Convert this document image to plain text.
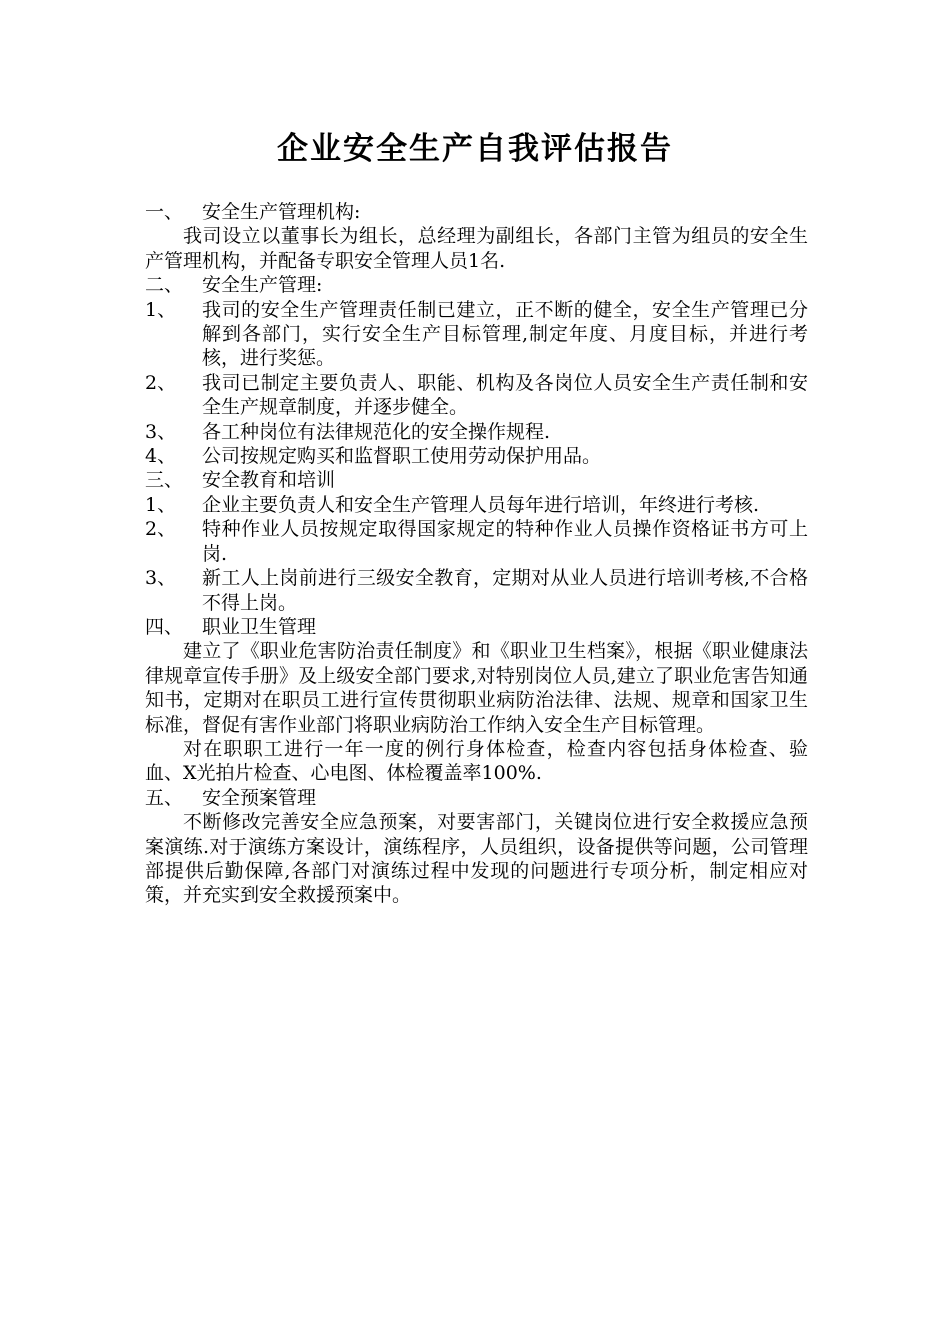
企业安全生产自我评估报告
一、 安全生产管理机构:
我司设立以董事长为组长，总经理为副组长，各部门主管为组员的安全生产管理机构，并配备专职安全管理人员1名.
二、 安全生产管理:
1、	我司的安全生产管理责任制已建立，正不断的健全，安全生产管理已分解到各部门，实行安全生产目标管理,制定年度、月度目标，并进行考核，进行奖惩。
2、	我司已制定主要负责人、职能、机构及各岗位人员安全生产责任制和安全生产规章制度，并逐步健全。
3、	各工种岗位有法律规范化的安全操作规程.
4、	公司按规定购买和监督职工使用劳动保护用品。
三、 安全教育和培训
1、	企业主要负责人和安全生产管理人员每年进行培训，年终进行考核.
2、	特种作业人员按规定取得国家规定的特种作业人员操作资格证书方可上岗.
3、	新工人上岗前进行三级安全教育，定期对从业人员进行培训考核,不合格不得上岗。
四、 职业卫生管理
建立了《职业危害防治责任制度》和《职业卫生档案》，根据《职业健康法律规章宣传手册》及上级安全部门要求,对特别岗位人员,建立了职业危害告知通知书，定期对在职员工进行宣传贯彻职业病防治法律、法规、规章和国家卫生标准，督促有害作业部门将职业病防治工作纳入安全生产目标管理。
对在职职工进行一年一度的例行身体检查，检查内容包括身体检查、验血、X光拍片检查、心电图、体检覆盖率100%.
五、 安全预案管理
不断修改完善安全应急预案，对要害部门，关键岗位进行安全救援应急预案演练.对于演练方案设计，演练程序，人员组织，设备提供等问题，公司管理部提供后勤保障,各部门对演练过程中发现的问题进行专项分析，制定相应对策，并充实到安全救援预案中。
